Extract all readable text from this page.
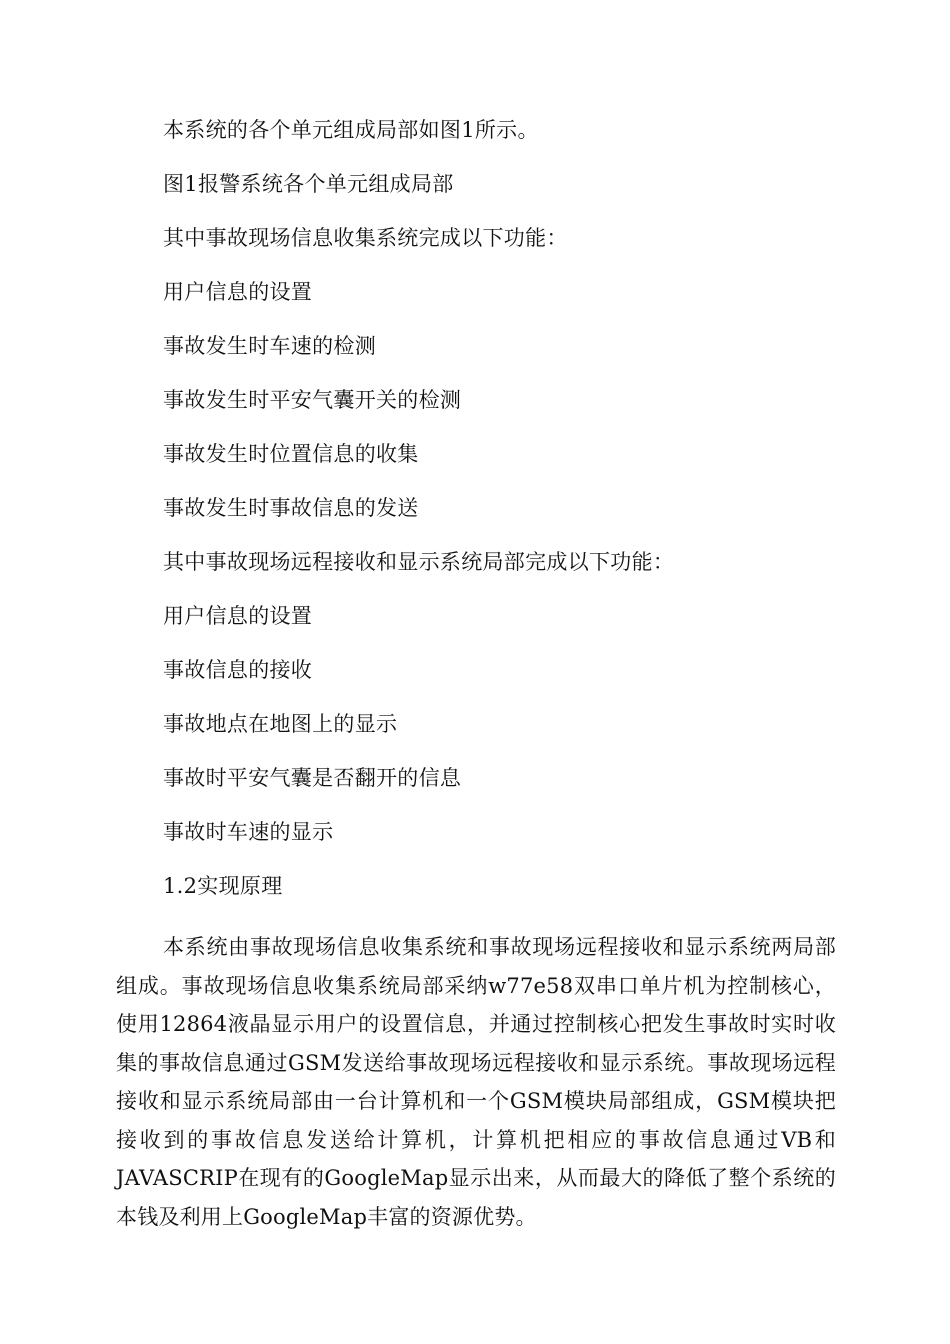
本系统的各个单元组成局部如图1所示。
图1报警系统各个单元组成局部
其中事故现场信息收集系统完成以下功能：
用户信息的设置
事故发生时车速的检测
事故发生时平安气囊开关的检测
事故发生时位置信息的收集
事故发生时事故信息的发送
其中事故现场远程接收和显示系统局部完成以下功能：
用户信息的设置
事故信息的接收
事故地点在地图上的显示
事故时平安气囊是否翻开的信息
事故时车速的显示
1.2实现原理
本系统由事故现场信息收集系统和事故现场远程接收和显示系统两局部组成。事故现场信息收集系统局部采纳w77e58双串口单片机为控制核心，使用12864液晶显示用户的设置信息，并通过控制核心把发生事故时实时收集的事故信息通过GSM发送给事故现场远程接收和显示系统。事故现场远程接收和显示系统局部由一台计算机和一个GSM模块局部组成，GSM模块把接收到的事故信息发送给计算机，计算机把相应的事故信息通过VB和JAVASCRIP在现有的GoogleMap显示出来，从而最大的降低了整个系统的本钱及利用上GoogleMap丰富的资源优势。
